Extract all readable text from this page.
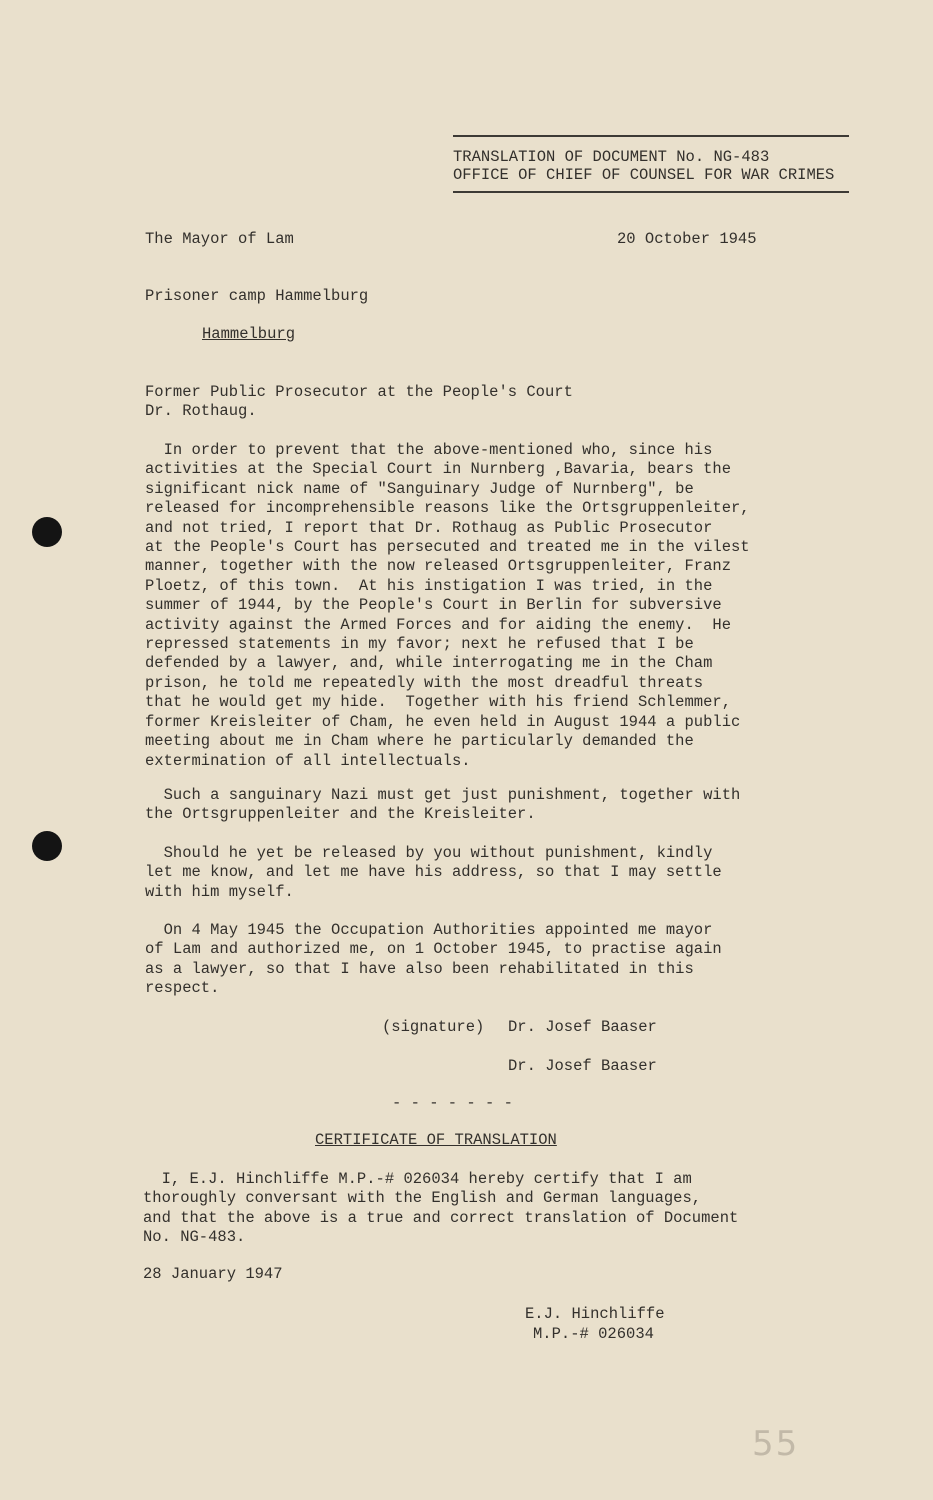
TRANSLATION OF DOCUMENT No. NG-483

OFFICE OF CHIEF OF COUNSEL FOR WAR CRIMES

The Mayor of Lam	20 October 1945

Prisoner camp Hammelburg

Hammelburg

Former Public Prosecutor at the People's Court

Dr. Rothaug.

In order to prevent that the above-mentioned who, since his
activities at the Special Court in Nurnberg ,Bavaria, bears the
significant nick name of "Sanguinary Judge of Nurnberg", be
released for incomprehensible reasons like the Ortsgruppenleiter,
and not tried, I report that Dr. Rothaug as Public Prosecutor
at the People's Court has persecuted and treated me in the vilest
manner, together with the now released Ortsgruppenleiter, Franz
Ploetz, of this town.  At his instigation I was tried, in the
summer of 1944, by the People's Court in Berlin for subversive
activity against the Armed Forces and for aiding the enemy.  He
repressed statements in my favor; next he refused that I be
defended by a lawyer, and, while interrogating me in the Cham
prison, he told me repeatedly with the most dreadful threats
that he would get my hide.  Together with his friend Schlemmer,
former Kreisleiter of Cham, he even held in August 1944 a public
meeting about me in Cham where he particularly demanded the
extermination of all intellectuals.
Such a sanguinary Nazi must get just punishment, together with
the Ortsgruppenleiter and the Kreisleiter.
Should he yet be released by you without punishment, kindly
let me know, and let me have his address, so that I may settle
with him myself.
On 4 May 1945 the Occupation Authorities appointed me mayor
of Lam and authorized me, on 1 October 1945, to practise again
as a lawyer, so that I have also been rehabilitated in this
respect.

(signature) Dr. Josef Baaser

Dr. Josef Baaser

- - - - - - -

CERTIFICATE OF TRANSLATION

I, E.J. Hinchliffe M.P.-# 026034 hereby certify that I am
thoroughly conversant with the English and German languages,
and that the above is a true and correct translation of Document
No. NG-483.

28 January 1947

E.J. Hinchliffe

M.P.-# 026034

55
